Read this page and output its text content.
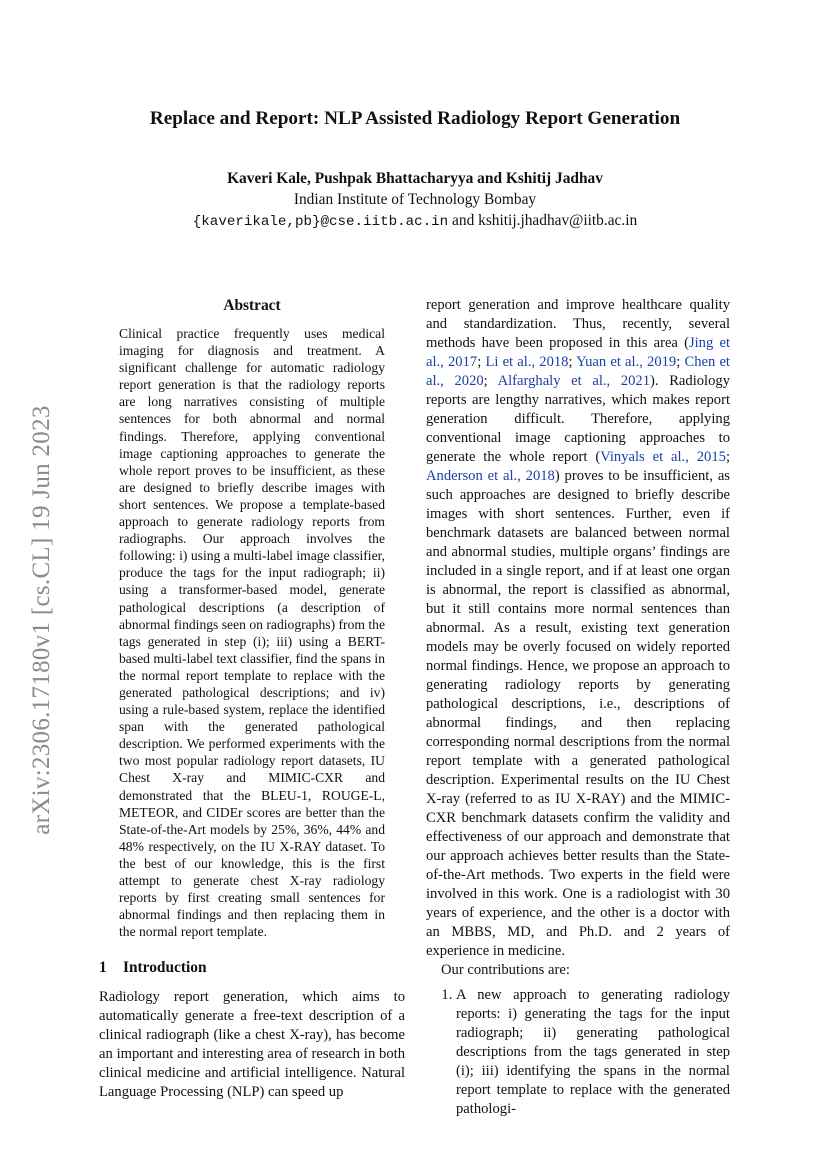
arXiv:2306.17180v1 [cs.CL] 19 Jun 2023
Replace and Report: NLP Assisted Radiology Report Generation
Kaveri Kale, Pushpak Bhattacharyya and Kshitij Jadhav
Indian Institute of Technology Bombay
{kaverikale,pb}@cse.iitb.ac.in and kshitij.jhadhav@iitb.ac.in
Abstract
Clinical practice frequently uses medical imaging for diagnosis and treatment. A significant challenge for automatic radiology report generation is that the radiology reports are long narratives consisting of multiple sentences for both abnormal and normal findings. Therefore, applying conventional image captioning approaches to generate the whole report proves to be insufficient, as these are designed to briefly describe images with short sentences. We propose a template-based approach to generate radiology reports from radiographs. Our approach involves the following: i) using a multi-label image classifier, produce the tags for the input radiograph; ii) using a transformer-based model, generate pathological descriptions (a description of abnormal findings seen on radiographs) from the tags generated in step (i); iii) using a BERT-based multi-label text classifier, find the spans in the normal report template to replace with the generated pathological descriptions; and iv) using a rule-based system, replace the identified span with the generated pathological description. We performed experiments with the two most popular radiology report datasets, IU Chest X-ray and MIMIC-CXR and demonstrated that the BLEU-1, ROUGE-L, METEOR, and CIDEr scores are better than the State-of-the-Art models by 25%, 36%, 44% and 48% respectively, on the IU X-RAY dataset. To the best of our knowledge, this is the first attempt to generate chest X-ray radiology reports by first creating small sentences for abnormal findings and then replacing them in the normal report template.
1 Introduction

Radiology report generation, which aims to automatically generate a free-text description of a clinical radiograph (like a chest X-ray), has become an important and interesting area of research in both clinical medicine and artificial intelligence. Natural Language Processing (NLP) can speed up

report generation and improve healthcare quality and standardization. Thus, recently, several methods have been proposed in this area (Jing et al., 2017; Li et al., 2018; Yuan et al., 2019; Chen et al., 2020; Alfarghaly et al., 2021). Radiology reports are lengthy narratives, which makes report generation difficult. Therefore, applying conventional image captioning approaches to generate the whole report (Vinyals et al., 2015; Anderson et al., 2018) proves to be insufficient, as such approaches are designed to briefly describe images with short sentences. Further, even if benchmark datasets are balanced between normal and abnormal studies, multiple organs’ findings are included in a single report, and if at least one organ is abnormal, the report is classified as abnormal, but it still contains more normal sentences than abnormal. As a result, existing text generation models may be overly focused on widely reported normal findings. Hence, we propose an approach to generating radiology reports by generating pathological descriptions, i.e., descriptions of abnormal findings, and then replacing corresponding normal descriptions from the normal report template with a generated pathological description. Experimental results on the IU Chest X-ray (referred to as IU X-RAY) and the MIMIC-CXR benchmark datasets confirm the validity and effectiveness of our approach and demonstrate that our approach achieves better results than the State-of-the-Art methods. Two experts in the field were involved in this work. One is a radiologist with 30 years of experience, and the other is a doctor with an MBBS, MD, and Ph.D. and 2 years of experience in medicine.

Our contributions are:

1. A new approach to generating radiology reports: i) generating the tags for the input radiograph; ii) generating pathological descriptions from the tags generated in step (i); iii) identifying the spans in the normal report template to replace with the generated pathologi-
